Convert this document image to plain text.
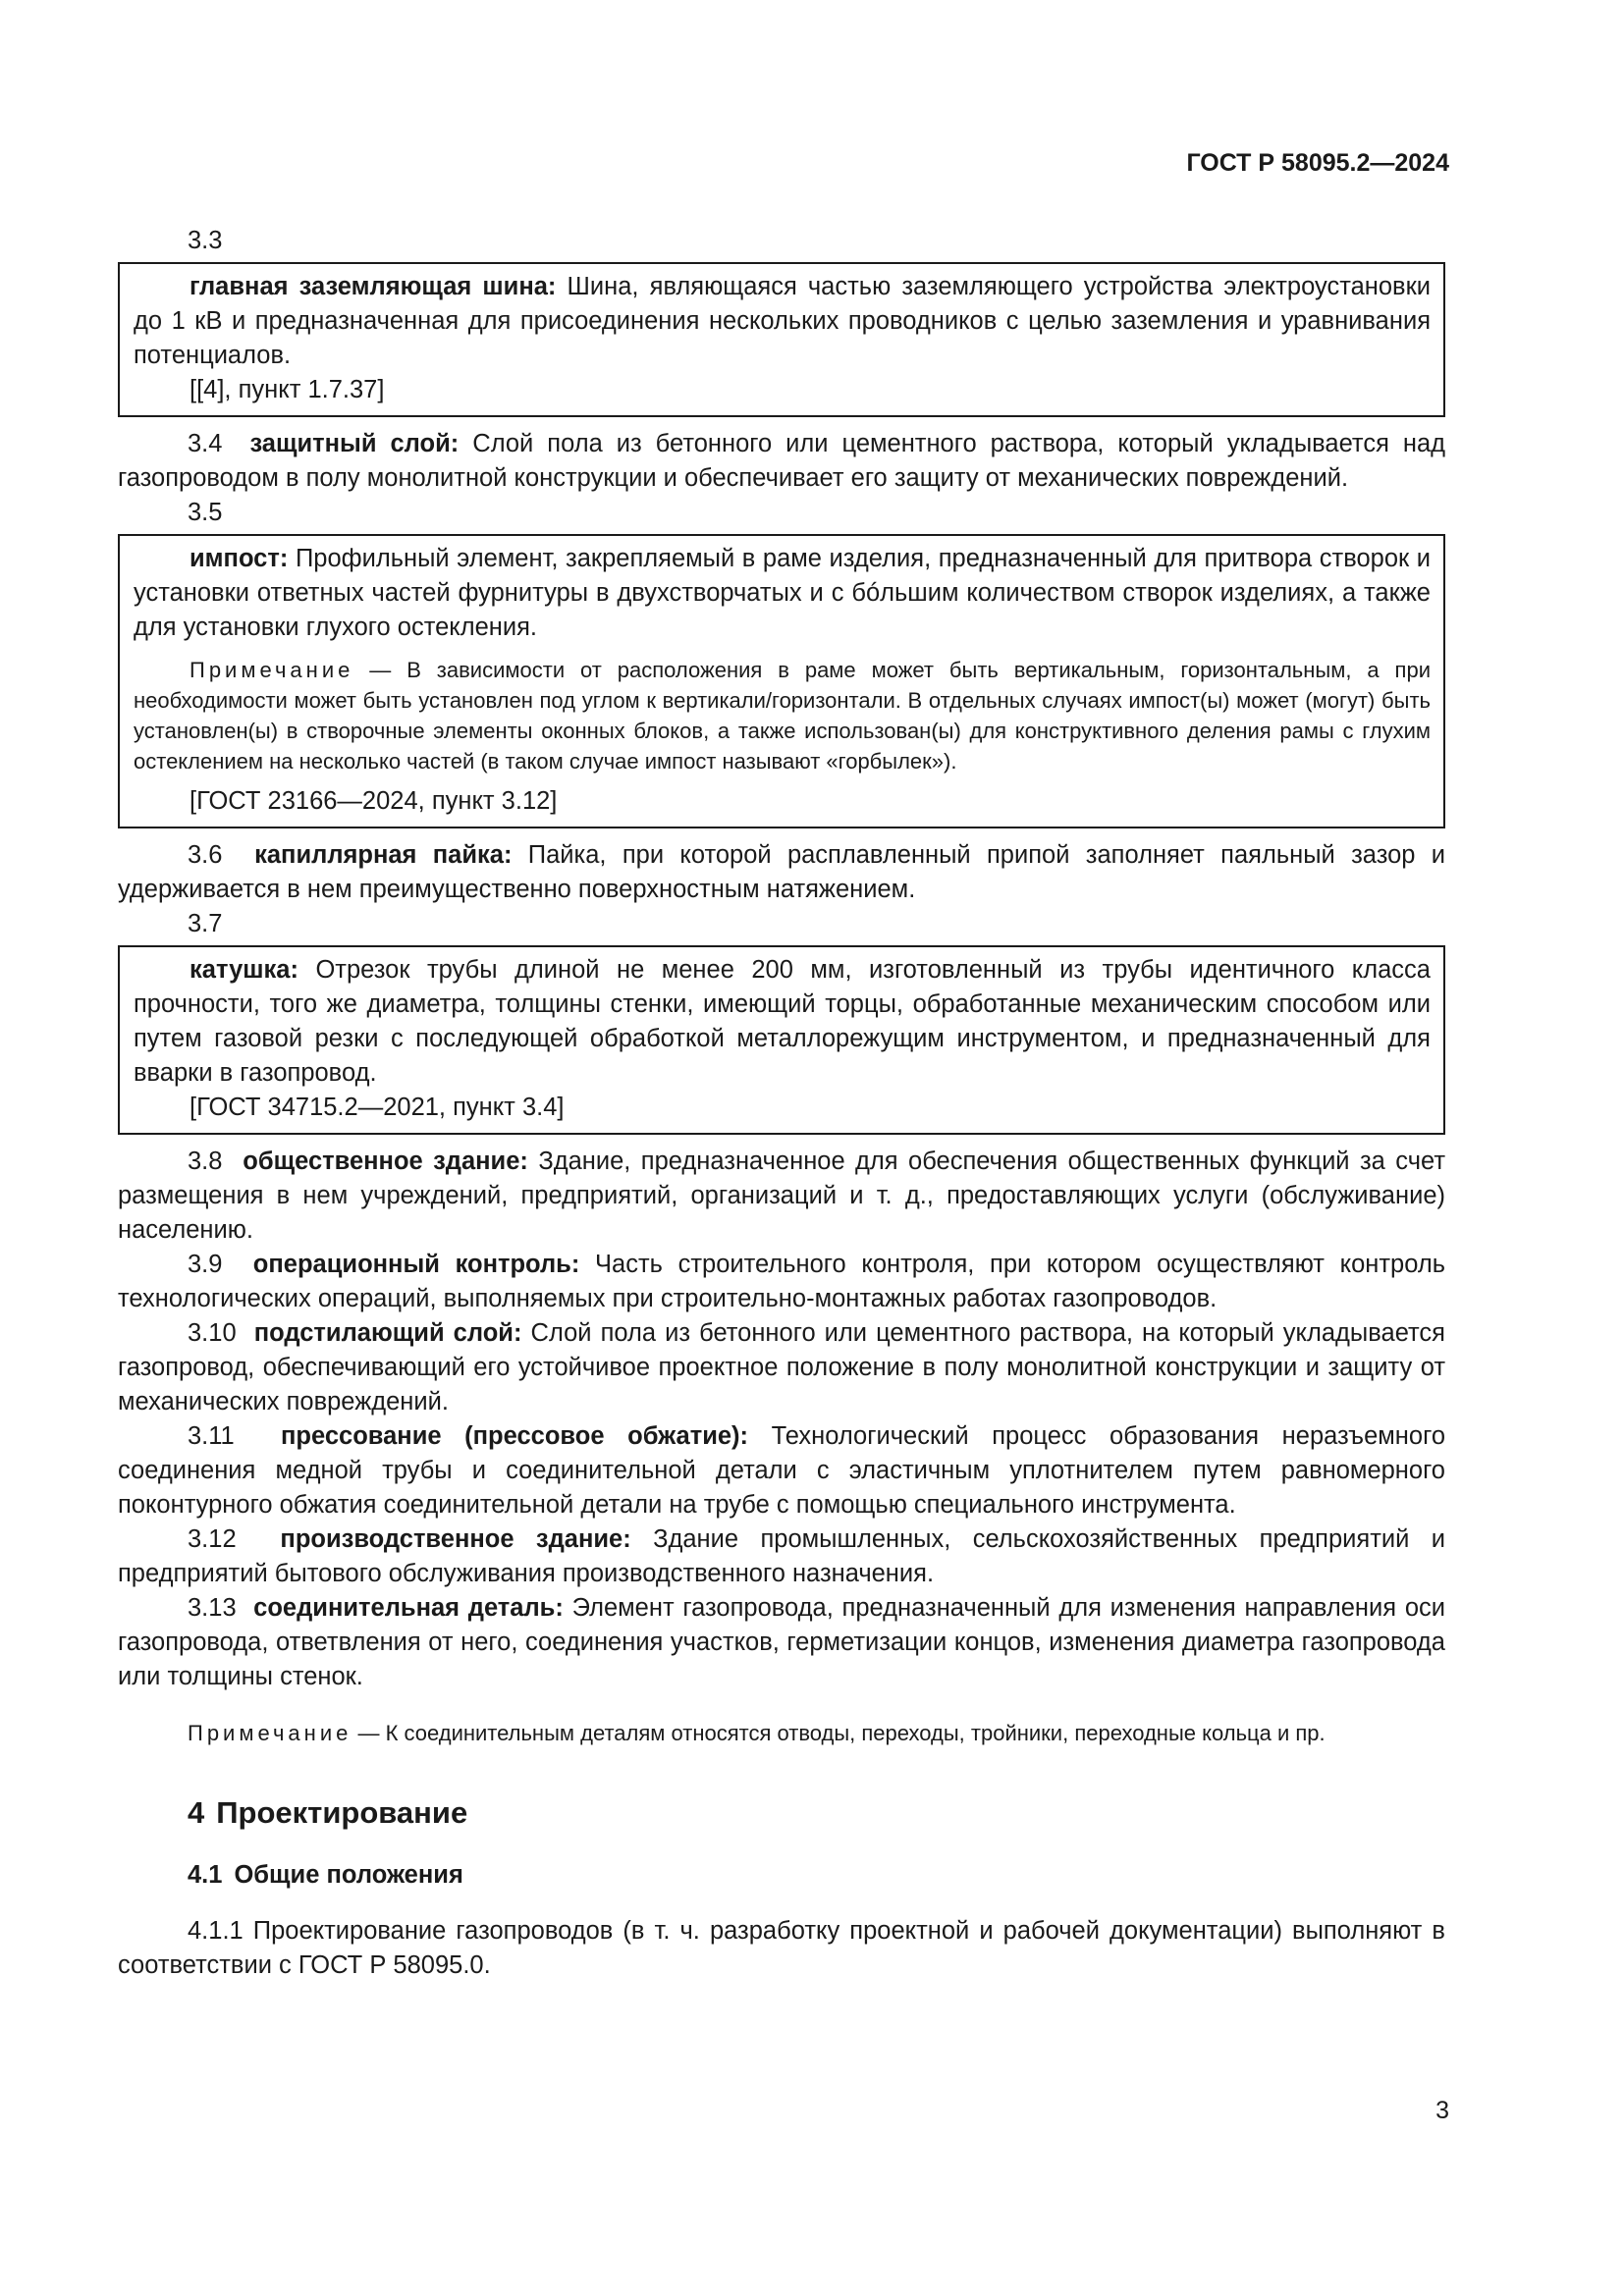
ГОСТ Р 58095.2—2024

3.3

главная заземляющая шина: Шина, являющаяся частью заземляющего устройства электроустановки до 1 кВ и предназначенная для присоединения нескольких проводников с целью заземления и уравнивания потенциалов.

[[4], пункт 1.7.37]

3.4 защитный слой: Слой пола из бетонного или цементного раствора, который укладывается над газопроводом в полу монолитной конструкции и обеспечивает его защиту от механических повреждений.

3.5

импост: Профильный элемент, закрепляемый в раме изделия, предназначенный для притвора створок и установки ответных частей фурнитуры в двухстворчатых и с бóльшим количеством створок изделиях, а также для установки глухого остекления.

Примечание — В зависимости от расположения в раме может быть вертикальным, горизонтальным, а при необходимости может быть установлен под углом к вертикали/горизонтали. В отдельных случаях импост(ы) может (могут) быть установлен(ы) в створочные элементы оконных блоков, а также использован(ы) для конструктивного деления рамы с глухим остеклением на несколько частей (в таком случае импост называют «горбылек»).

[ГОСТ 23166—2024, пункт 3.12]

3.6 капиллярная пайка: Пайка, при которой расплавленный припой заполняет паяльный зазор и удерживается в нем преимущественно поверхностным натяжением.

3.7

катушка: Отрезок трубы длиной не менее 200 мм, изготовленный из трубы идентичного класса прочности, того же диаметра, толщины стенки, имеющий торцы, обработанные механическим способом или путем газовой резки с последующей обработкой металлорежущим инструментом, и предназначенный для вварки в газопровод.

[ГОСТ 34715.2—2021, пункт 3.4]

3.8 общественное здание: Здание, предназначенное для обеспечения общественных функций за счет размещения в нем учреждений, предприятий, организаций и т. д., предоставляющих услуги (обслуживание) населению.

3.9 операционный контроль: Часть строительного контроля, при котором осуществляют контроль технологических операций, выполняемых при строительно-монтажных работах газопроводов.

3.10 подстилающий слой: Слой пола из бетонного или цементного раствора, на который укладывается газопровод, обеспечивающий его устойчивое проектное положение в полу монолитной конструкции и защиту от механических повреждений.

3.11 прессование (прессовое обжатие): Технологический процесс образования неразъемного соединения медной трубы и соединительной детали с эластичным уплотнителем путем равномерного поконтурного обжатия соединительной детали на трубе с помощью специального инструмента.

3.12 производственное здание: Здание промышленных, сельскохозяйственных предприятий и предприятий бытового обслуживания производственного назначения.

3.13 соединительная деталь: Элемент газопровода, предназначенный для изменения направления оси газопровода, ответвления от него, соединения участков, герметизации концов, изменения диаметра газопровода или толщины стенок.

Примечание — К соединительным деталям относятся отводы, переходы, тройники, переходные кольца и пр.

4 Проектирование
4.1 Общие положения

4.1.1 Проектирование газопроводов (в т. ч. разработку проектной и рабочей документации) выполняют в соответствии с ГОСТ Р 58095.0.

3
